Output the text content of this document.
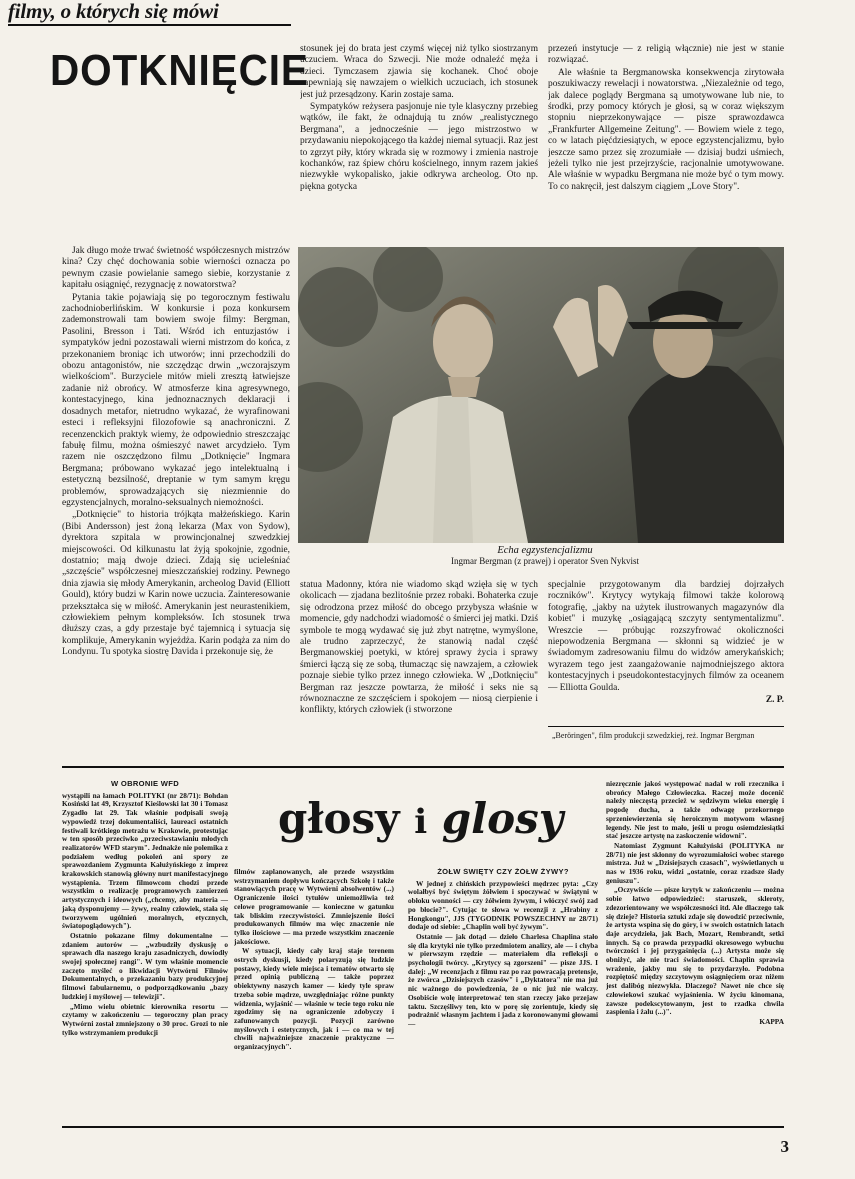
filmy, o których się mówi
DOTKNIĘCIE

stosunek jej do brata jest czymś więcej niż tylko siostrzanym uczuciem. Wraca do Szwecji. Nie może odnaleźć męża i dzieci. Tymczasem zjawia się kochanek. Choć oboje zapewniają się nawzajem o wielkich uczuciach, ich stosunek jest już przesądzony. Karin zostaje sama.

Sympatyków reżysera pasjonuje nie tyle klasyczny przebieg wątków, ile fakt, że odnajdują tu znów „realistycznego Bergmana", a jednocześnie — jego mistrzostwo w przydawaniu niepokojącego tła każdej niemal sytuacji. Raz jest to zgrzyt piły, który wkrada się w rozmowy i zmienia nastroje kochanków, raz śpiew chóru kościelnego, innym razem jakieś niezwykłe wykopalisko, jakie odkrywa archeolog. Oto np. piękna gotycka

przezeń instytucje — z religią włącznie) nie jest w stanie rozwiązać.

Ale właśnie ta Bergmanowska konsekwencja zirytowała poszukiwaczy rewelacji i nowatorstwa. „Niezależnie od tego, jak dalece poglądy Bergmana są umotywowane lub nie, to środki, przy pomocy których je głosi, są w coraz większym stopniu nieprzekonywające — pisze sprawozdawca „Frankfurter Allgemeine Zeitung". — Bowiem wiele z tego, co w latach pięćdziesiątych, w epoce egzystencjalizmu, było jeszcze samo przez się zrozumiałe — dzisiaj budzi uśmiech, jeżeli tylko nie jest przejrzyście, racjonalnie umotywowane. Ale właśnie w wypadku Bergmana nie może być o tym mowy. To co nakręcił, jest dalszym ciągiem „Love Story".

Jak długo może trwać świetność współczesnych mistrzów kina? Czy chęć dochowania sobie wierności oznacza po pewnym czasie powielanie samego siebie, korzystanie z kapitału osiągnięć, rezygnację z nowatorstwa?

Pytania takie pojawiają się po tegorocznym festiwalu zachodnioberlińskim. W konkursie i poza konkursem zademonstrowali tam bowiem swoje filmy: Bergman, Pasolini, Bresson i Tati. Wśród ich entuzjastów i sympatyków jedni pozostawali wierni mistrzom do końca, z przekonaniem broniąc ich utworów; inni przechodzili do obozu antagonistów, nie szczędząc drwin „wczorajszym wielkościom". Burzyciele mitów mieli zresztą łatwiejsze zadanie niż obrońcy. W atmosferze kina agresywnego, kontestacyjnego, kina jednoznacznych deklaracji i dosadnych metafor, nietrudno wykazać, że wyrafinowani esteci i refleksyjni filozofowie są anachroniczni. Z recenzenckich praktyk wiemy, że odpowiednio streszczając fabułę filmu, można ośmieszyć nawet arcydzieło. Tym razem nie oszczędzono filmu „Dotknięcie" Ingmara Bergmana; próbowano wykazać jego intelektualną i estetyczną bezsilność, dreptanie w tym samym kręgu problemów, sprowadzających się niezmiennie do egzystencjalnych, moralno-seksualnych niemożności.

„Dotknięcie" to historia trójkąta małżeńskiego. Karin (Bibi Andersson) jest żoną lekarza (Max von Sydow), dyrektora szpitala w prowincjonalnej szwedzkiej miejscowości. Od kilkunastu lat żyją spokojnie, zgodnie, dostatnio; mają dwoje dzieci. Zdają się ucieleśniać „szczęście" współczesnej mieszczańskiej rodziny. Pewnego dnia zjawia się młody Amerykanin, archeolog David (Elliott Gould), który budzi w Karin nowe uczucia. Zainteresowanie przekształca się w miłość. Amerykanin jest neurastenikiem, człowiekiem pełnym kompleksów. Ich stosunek trwa dłuższy czas, a gdy przestaje być tajemnicą i sytuacja się komplikuje, Amerykanin wyjeżdża. Karin podąża za nim do Londynu. Tu spotyka siostrę Davida i przekonuje się, że

Echa egzystencjalizmu
Ingmar Bergman (z prawej) i operator Sven Nykvist

statua Madonny, która nie wiadomo skąd wzięła się w tych okolicach — zjadana bezlitośnie przez robaki. Bohaterka czuje się odrodzona przez miłość do obcego przybysza właśnie w momencie, gdy nadchodzi wiadomość o śmierci jej matki. Dziś symbole te mogą wydawać się już zbyt natrętne, wymyślone, ale trudno zaprzeczyć, że stanowią nadal część Bergmanowskiej poetyki, w której sprawy życia i sprawy śmierci łączą się ze sobą, tłumacząc się nawzajem, a człowiek poznaje siebie tylko przez innego człowieka. W „Dotknięciu" Bergman raz jeszcze powtarza, że miłość i seks nie są równoznaczne ze szczęściem i spokojem — niosą cierpienie i konflikty, których człowiek (i stworzone

specjalnie przygotowanym dla bardziej dojrzałych roczników". Krytycy wytykają filmowi także kolorową fotografię, „jakby na użytek ilustrowanych magazynów dla kobiet" i muzykę „osiągającą szczyty sentymentalizmu". Wreszcie — próbując rozszyfrować okoliczności niepowodzenia Bergmana — skłonni są widzieć je w świadomym zadresowaniu filmu do widzów amerykańskich; wyrazem tego jest zaangażowanie najmodniejszego aktora kontestacyjnych i pseudokontestacyjnych filmów za oceanem — Elliotta Goulda.

Z. P.
„Beröringen", film produkcji szwedzkiej, reż. Ingmar Bergman
W OBRONIE WFD

wystąpili na łamach POLITYKI (nr 28/71): Bohdan Kosiński lat 49, Krzysztof Kieślowski lat 30 i Tomasz Zygadło lat 29. Tak właśnie podpisali swoją wypowiedź trzej dokumentaliści, laureaci ostatnich festiwali krótkiego metrażu w Krakowie, protestując w ten sposób przeciwko „przeciwstawianiu młodych realizatorów WFD starym". Jednakże nie polemika z podziałem według pokoleń ani spory ze sprawozdaniem Zygmunta Kałużyńskiego z imprez krakowskich stanowią główny nurt manifestacyjnego wystąpienia. Trzem filmowcom chodzi przede wszystkim o realizację programowych zamierzeń artystycznych i ideowych („chcemy, aby materia — jaką dysponujemy — żywy, realny człowiek, stała się tworzywem ugólnień moralnych, etycznych, światopoglądowych").

Ostatnio pokazane filmy dokumentalne — zdaniem autorów — „wzbudziły dyskusję o sprawach dla naszego kraju zasadniczych, dowiodły swojej społecznej rangi". W tym właśnie momencie zaczęto myśleć o likwidacji Wytwórni Filmów Dokumentalnych, o przekazaniu bazy produkcyjnej filmowi fabularnemu, o podporządkowaniu „bazy ludzkiej i myślowej — telewizji".

„Mimo wielu obietnic kierownika resortu — czytamy w zakończeniu — tegoroczny plan pracy Wytwórni został zmniejszony o 30 proc. Grozi to nie tylko wstrzymaniem produkcji

głosy i glosy

filmów zaplanowanych, ale przede wszystkim wstrzymaniem dopływu kończących Szkołę i także stanowiących pracę w Wytwórni absolwentów (...) Ograniczenie ilości tytułów uniemożliwia też celowe programowanie — konieczne w gatunku tak bliskim rzeczywistości. Zmniejszenie ilości produkowanych filmów ma więc znaczenie nie tylko ilościowe — ma przede wszystkim znaczenie jakościowe.

W sytuacji, kiedy cały kraj staje terenem ostrych dyskusji, kiedy polaryzują się ludzkie postawy, kiedy wiele miejsca i tematów otwarto się przed opinią publiczną — także poprzez obiektywny naszych kamer — kiedy tyle spraw trzeba sobie mądrze, uwzględniając różne punkty widzenia, wyjaśnić — właśnie w tecie tego roku nie zgodzimy się na ograniczenie zdobyczy i zafunowanych pozycji. Pozycji zarówno myślowych i estetycznych, jak i — co ma w tej chwili najważniejsze znaczenie praktyczne — organizacyjnych".

ŻÓŁW ŚWIĘTY CZY ŻÓŁW ŻYWY?

W jednej z chińskich przypowieści mędrzec pyta: „Czy wolałbyś być świętym żółwiem i spoczywać w świątyni w obłoku wonności — czy żółwiem żywym, i włóczyć swój zad po błocie?". Cytując te słowa w recenzji z „Hrabiny z Hongkongu", JJS (TYGODNIK POWSZECHNY nr 28/71) dodaje od siebie: „Chaplin woli być żywym".

Ostatnie — jak dotąd — dzieło Charlesa Chaplina stało się dla krytyki nie tylko przedmiotem analizy, ale — i chyba w pierwszym rzędzie — materiałem dla refleksji o psychologii twórcy. „Krytycy są zgorszeni" — pisze JJS. I dalej: „W recenzjach z filmu raz po raz powracają pretensje, że zwórca „Dzisiejszych czasów" i „Dyktatora" nie ma już nic ważnego do powiedzenia, że o nic już nie walczy. Osobiście wolę interpretować ten stan rzeczy jako przejaw taktu. Szczęśliwy ten, kto w porę się zorientuje, kiedy się podrażnić własnym jachtem i jada z koronowanymi głowami —

niezręcznie jakoś występować nadal w roli rzecznika i obrońcy Małego Człowieczka. Raczej może docenić należy nieczęstą przecież w sędziwym wieku energię i pogodę ducha, a także odwagę przekornego sprzeniewierzenia się heroicznym motywom własnej legendy. Nie jest to mało, jeśli u progu osiemdziesiątki stać jeszcze artystę na zaskoczenie widowni".

Natomiast Zygmunt Kałużyński (POLITYKA nr 28/71) nie jest skłonny do wyrozumiałości wobec starego mistrza. Już w „Dzisiejszych czasach", wyświetlanych u nas w 1936 roku, widzi „ostatnie, coraz rzadsze ślady geniuszu".

„Oczywiście — pisze krytyk w zakończeniu — można sobie łatwo odpowiedzieć: staruszek, skleroty, zdezorientowany we współczesności itd. Ale dlaczego tak się dzieje? Historia sztuki zdaje się dowodzić przeciwnie, że artysta wspina się do góry, i w swoich ostatnich latach daje arcydzieła, jak Bach, Mozart, Rembrandt, setki innych. Są co prawda przypadki okresowego wybuchu twórczości i jej przygaśnięcia (...) Artysta może się obniżyć, ale nie traci świadomości. Chaplin sprawia wrażenie, jakby mu się to przydarzyło. Podobna rozpiętość między szczytowym osiągnięciem oraz niżem jest dalibóg niezwykła. Dlaczego? Nawet nie chce się człowiekowi szukać wyjaśnienia. W życiu kinomana, zawsze podekscytowanym, jest to rzadka chwila zaspienia i żalu (...)".

KAPPA
3
